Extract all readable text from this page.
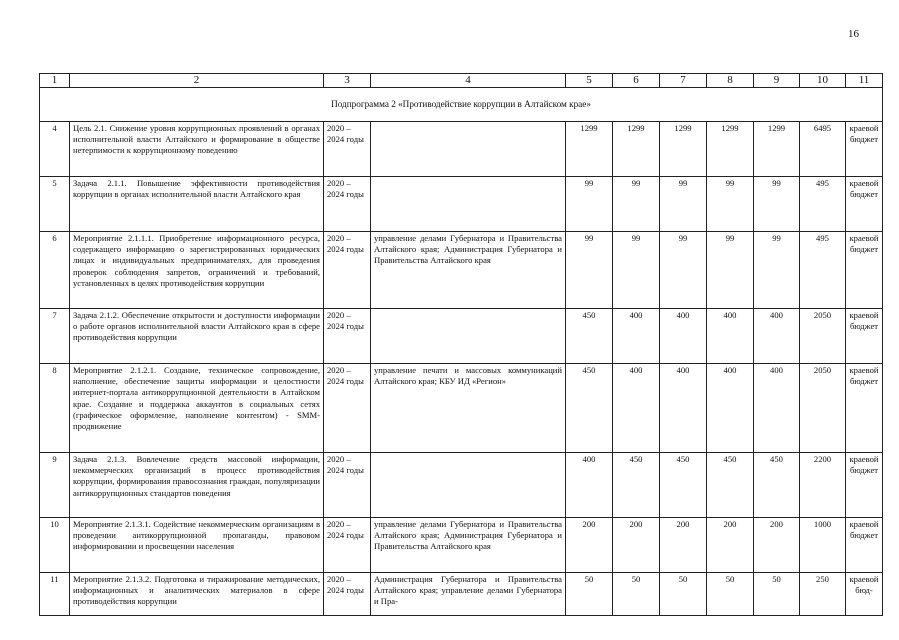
16
1	2	3	4	5	6	7	8	9	10	11
Подпрограмма 2 «Противодействие коррупции в Алтайском крае»										
4	Цель 2.1. Снижение уровня коррупционных проявлений в органах исполнительной власти Алтайского и формирование в обществе нетерпимости к коррупционному поведению	2020 – 2024 годы		1299	1299	1299	1299	1299	6495	краевой бюджет
5	Задача 2.1.1. Повышение эффективности противодействия коррупции в органах исполнительной власти Алтайского края	2020 – 2024 годы		99	99	99	99	99	495	краевой бюджет
6	Мероприятие 2.1.1.1. Приобретение информационного ресурса, содержащего информацию о зарегистрированных юридических лицах и индивидуальных предпринимателях, для проведения проверок соблюдения запретов, ограничений и требований, установленных в целях противодействия коррупции	2020 – 2024 годы	управление делами Губернатора и Правительства Алтайского края; Администрация Губернатора и Правительства Алтайского края	99	99	99	99	99	495	краевой бюджет
7	Задача 2.1.2. Обеспечение открытости и доступности информации о работе органов исполнительной власти Алтайского края в сфере противодействия коррупции	2020 – 2024 годы		450	400	400	400	400	2050	краевой бюджет
8	Мероприятие 2.1.2.1. Создание, техническое сопровождение, наполнение, обеспечение защиты информации и целостности интернет-портала антикоррупционной деятельности в Алтайском крае. Создание и поддержка аккаунтов в социальных сетях (графическое оформление, наполнение контентом) - SMM-продвижение	2020 – 2024 годы	управление печати и массовых коммуникаций Алтайского края; КБУ ИД «Регион»	450	400	400	400	400	2050	краевой бюджет
9	Задача 2.1.3. Вовлечение средств массовой информации, некоммерческих организаций в процесс противодействия коррупции, формирования правосознания граждан, популяризации антикоррупционных стандартов поведения	2020 – 2024 годы		400	450	450	450	450	2200	краевой бюджет
10	Мероприятие 2.1.3.1. Содействие некоммерческим организациям в проведении антикоррупционной пропаганды, правовом информировании и просвещении населения	2020 – 2024 годы	управление делами Губернатора и Правительства Алтайского края; Администрация Губернатора и Правительства Алтайского края	200	200	200	200	200	1000	краевой бюджет
11	Мероприятие 2.1.3.2. Подготовка и тиражирование методических, информационных и аналитических материалов в сфере противодействия коррупции	2020 – 2024 годы	Администрация Губернатора и Правительства Алтайского края; управление делами Губернатора и Пра-	50	50	50	50	50	250	краевой бюд-
